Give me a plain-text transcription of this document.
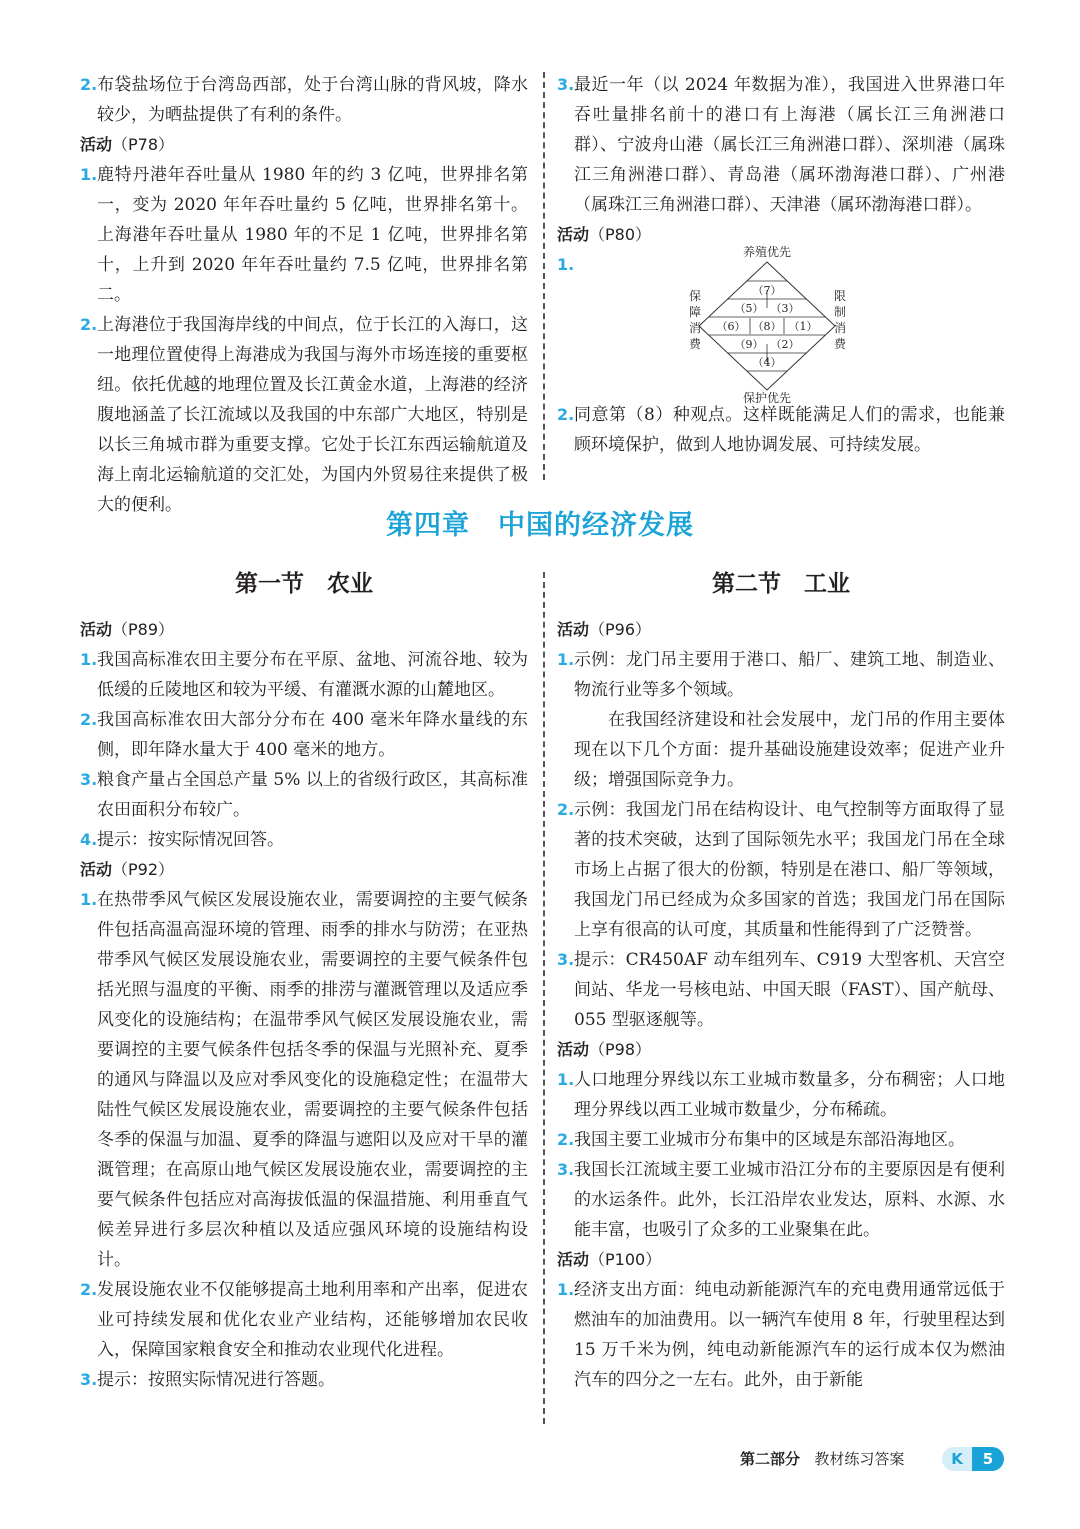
2. 布袋盐场位于台湾岛西部，处于台湾山脉的背风坡，降水较少，为晒盐提供了有利的条件。
活动（P78）
1. 鹿特丹港年吞吐量从 1980 年的约 3 亿吨，世界排名第一，变为 2020 年年吞吐量约 5 亿吨，世界排名第十。上海港年吞吐量从 1980 年的不足 1 亿吨，世界排名第十，上升到 2020 年年吞吐量约 7.5 亿吨，世界排名第二。
2. 上海港位于我国海岸线的中间点，位于长江的入海口，这一地理位置使得上海港成为我国与海外市场连接的重要枢纽。依托优越的地理位置及长江黄金水道，上海港的经济腹地涵盖了长江流域以及我国的中东部广大地区，特别是以长三角城市群为重要支撑。它处于长江东西运输航道及海上南北运输航道的交汇处，为国内外贸易往来提供了极大的便利。
3. 最近一年（以 2024 年数据为准），我国进入世界港口年吞吐量排名前十的港口有上海港（属长江三角洲港口群）、宁波舟山港（属长江三角洲港口群）、深圳港（属珠江三角洲港口群）、青岛港（属环渤海港口群）、广州港（属珠江三角洲港口群）、天津港（属环渤海港口群）。
活动（P80）
1.
（7）
（5） （3）
（6） （8） （1）
（9） （2）
（4）
养殖优先
保护优先
保
障
消
费
限
制
消
费
2. 同意第（8）种观点。这样既能满足人们的需求，也能兼顾环境保护，做到人地协调发展、可持续发展。
第四章　中国的经济发展
第一节　农业	第二节　工业
活动（P89）
1. 我国高标准农田主要分布在平原、盆地、河流谷地、较为低缓的丘陵地区和较为平缓、有灌溉水源的山麓地区。
2. 我国高标准农田大部分分布在 400 毫米年降水量线的东侧，即年降水量大于 400 毫米的地方。
3. 粮食产量占全国总产量 5% 以上的省级行政区，其高标准农田面积分布较广。
4. 提示：按实际情况回答。
活动（P92）
1. 在热带季风气候区发展设施农业，需要调控的主要气候条件包括高温高湿环境的管理、雨季的排水与防涝；在亚热带季风气候区发展设施农业，需要调控的主要气候条件包括光照与温度的平衡、雨季的排涝与灌溉管理以及适应季风变化的设施结构；在温带季风气候区发展设施农业，需要调控的主要气候条件包括冬季的保温与光照补充、夏季的通风与降温以及应对季风变化的设施稳定性；在温带大陆性气候区发展设施农业，需要调控的主要气候条件包括冬季的保温与加温、夏季的降温与遮阳以及应对干旱的灌溉管理；在高原山地气候区发展设施农业，需要调控的主要气候条件包括应对高海拔低温的保温措施、利用垂直气候差异进行多层次种植以及适应强风环境的设施结构设计。
2. 发展设施农业不仅能够提高土地利用率和产出率，促进农业可持续发展和优化农业产业结构，还能够增加农民收入，保障国家粮食安全和推动农业现代化进程。
3. 提示：按照实际情况进行答题。
活动（P96）
1. 示例：龙门吊主要用于港口、船厂、建筑工地、制造业、物流行业等多个领域。
在我国经济建设和社会发展中，龙门吊的作用主要体现在以下几个方面：提升基础设施建设效率；促进产业升级；增强国际竞争力。
2. 示例：我国龙门吊在结构设计、电气控制等方面取得了显著的技术突破，达到了国际领先水平；我国龙门吊在全球市场上占据了很大的份额，特别是在港口、船厂等领域，我国龙门吊已经成为众多国家的首选；我国龙门吊在国际上享有很高的认可度，其质量和性能得到了广泛赞誉。
3. 提示：CR450AF 动车组列车、C919 大型客机、天宫空间站、华龙一号核电站、中国天眼（FAST）、国产航母、055 型驱逐舰等。
活动（P98）
1. 人口地理分界线以东工业城市数量多，分布稠密；人口地理分界线以西工业城市数量少，分布稀疏。
2. 我国主要工业城市分布集中的区域是东部沿海地区。
3. 我国长江流域主要工业城市沿江分布的主要原因是有便利的水运条件。此外，长江沿岸农业发达，原料、水源、水能丰富，也吸引了众多的工业聚集在此。
活动（P100）
1. 经济支出方面：纯电动新能源汽车的充电费用通常远低于燃油车的加油费用。以一辆汽车使用 8 年，行驶里程达到 15 万千米为例，纯电动新能源汽车的运行成本仅为燃油汽车的四分之一左右。此外，由于新能
第二部分 教材练习答案	K	5
